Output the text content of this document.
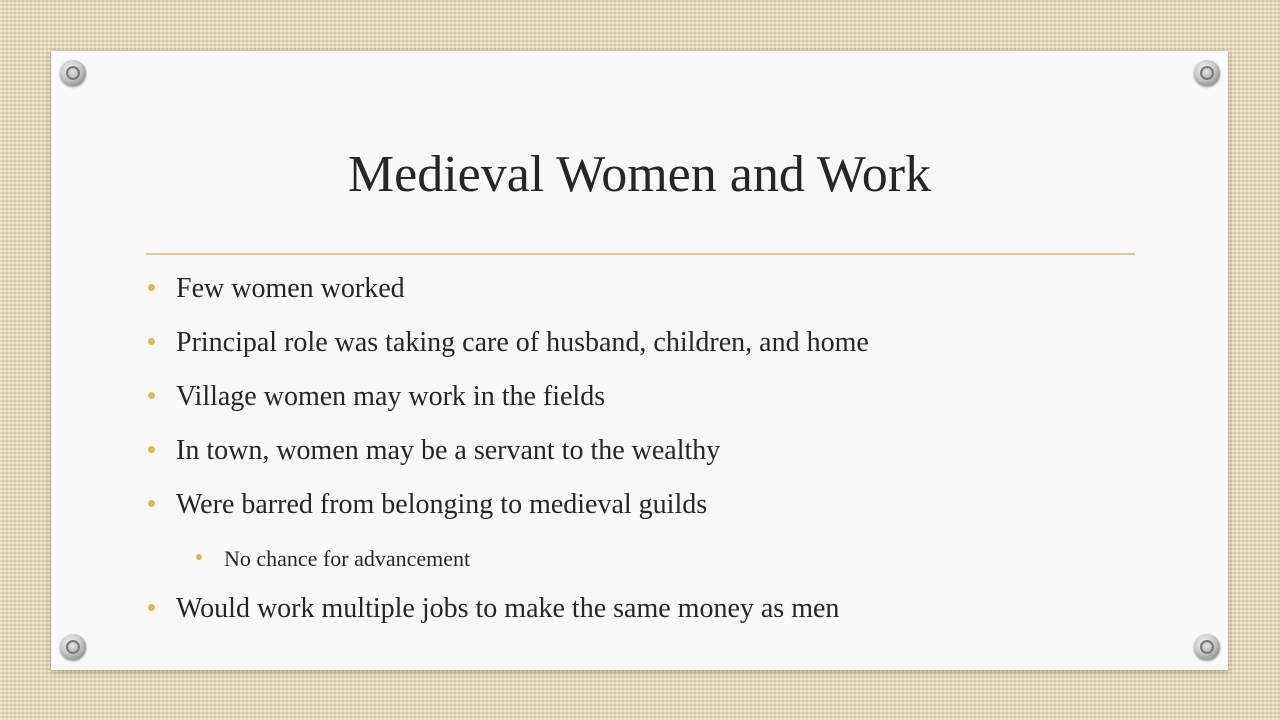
Medieval Women and Work
Few women worked
Principal role was taking care of husband, children, and home
Village women may work in the fields
In town, women may be a servant to the wealthy
Were barred from belonging to medieval guilds
No chance for advancement
Would work multiple jobs to make the same money as men
